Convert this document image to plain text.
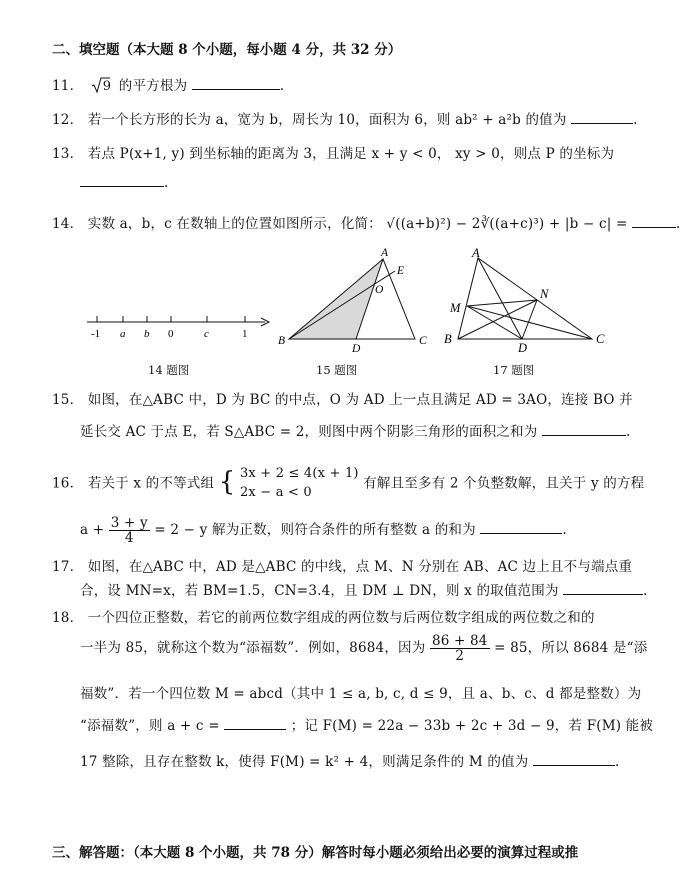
二、填空题（本大题 8 个小题，每小题 4 分，共 32 分）
11． 9 的平方根为	.
12． 若一个长方形的长为 a，宽为 b，周长为 10，面积为 6，则 ab² + a²b 的值为	.
13． 若点 P(x+1, y) 到坐标轴的距离为 3，且满足 x + y < 0， xy > 0，则点 P 的坐标为
.
14． 实数 a，b，c 在数轴上的位置如图所示，化简： √((a+b)²) − 2∛((a+c)³) + |b − c| =
-1 a b 0	c	1
14 题图
A
E
O
B
D
C
15 题图
A
M
N
B
D
C
17 题图
15． 如图，在△ABC 中，D 为 BC 的中点，O 为 AD 上一点且满足 AD = 3AO，连接 BO 并
延长交 AC 于点 E，若 S△ABC = 2，则图中两个阴影三角形的面积之和为	.
16． 若关于 x 的不等式组 { 3x + 2 ≤ 4(x + 1)
2x − a < 0
有解且至多有 2 个负整数解，且关于 y 的方程
$a + \frac{3 + y}{4} = 2 - y$ 解为正数，则符合条件的所有整数 a 的和为	.
17． 如图，在△ABC 中，AD 是△ABC 的中线，点 M、N 分别在 AB、AC 边上且不与端点重
合，设 MN=x，若 BM=1.5，CN=3.4，且 DM ⊥ DN，则 x 的取值范围为	.
18． 一个四位正整数，若它的前两位数字组成的两位数与后两位数字组成的两位数之和的
一半为 85，就称这个数为“添福数”．例如，8684，因为 $\frac{86 + 84}{2} = 85$，所以 8684 是“添
福数”．若一个四位数 M = abcd（其中 1 ≤ a, b, c, d ≤ 9，且 a、b、c、d 都是整数）为
“添福数”，则 a + c =	；记 F(M) = 22a − 33b + 2c + 3d − 9，若 F(M) 能被
17 整除，且存在整数 k，使得 F(M) = k² + 4，则满足条件的 M 的值为	.
三、解答题：（本大题 8 个小题，共 78 分）解答时每小题必须给出必要的演算过程或推
